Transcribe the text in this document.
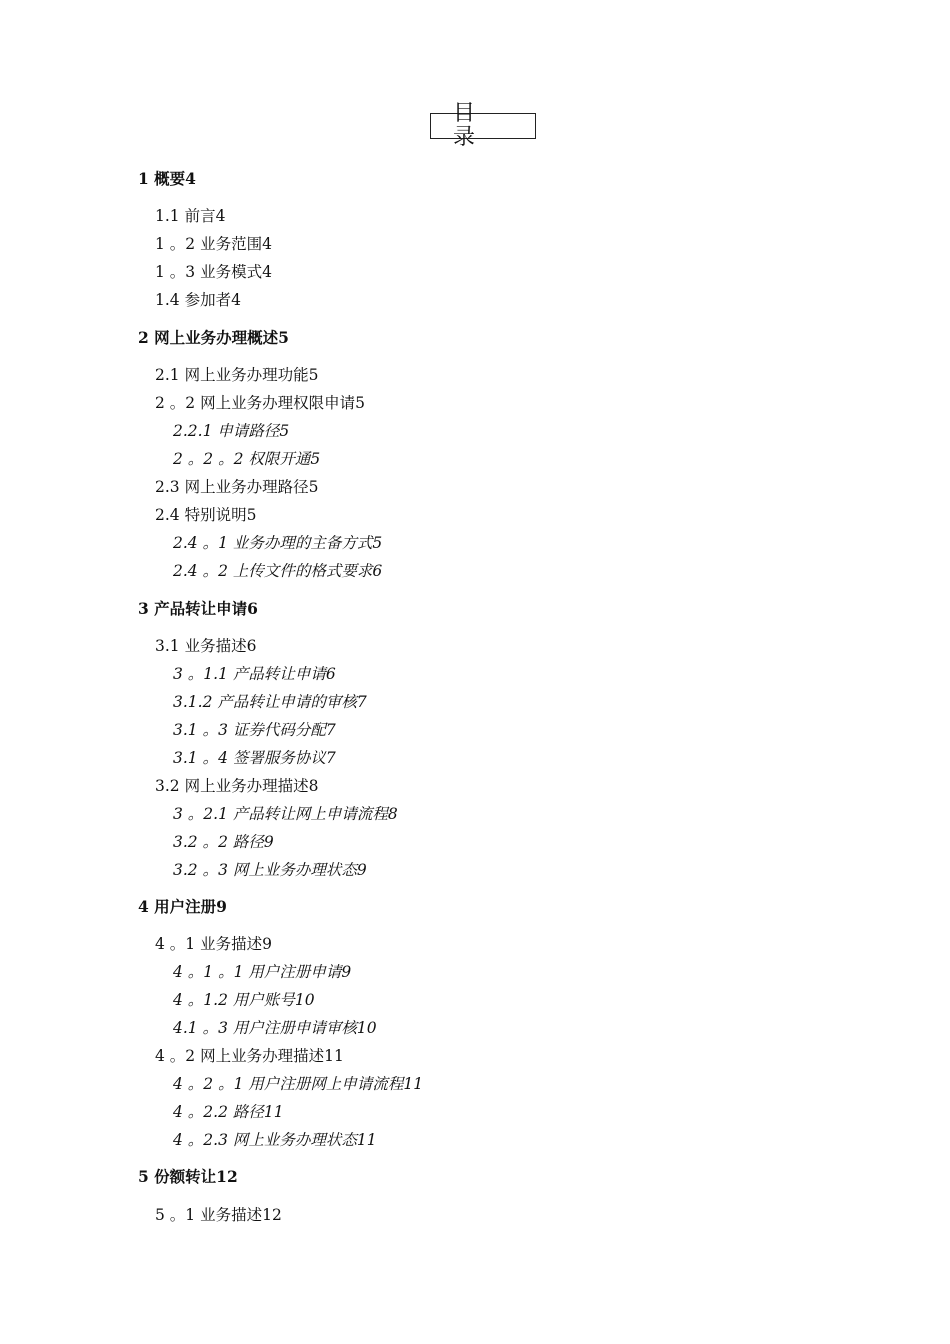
目 录
1 概要4
1.1 前言4
1 。2 业务范围4
1 。3 业务模式4
1.4 参加者4
2 网上业务办理概述5
2.1 网上业务办理功能5
2 。2 网上业务办理权限申请5
2.2.1 申请路径5
2 。2 。2 权限开通5
2.3 网上业务办理路径5
2.4 特别说明5
2.4 。1 业务办理的主备方式5
2.4 。2 上传文件的格式要求6
3 产品转让申请6
3.1 业务描述6
3 。1.1 产品转让申请6
3.1.2 产品转让申请的审核7
3.1 。3 证券代码分配7
3.1 。4 签署服务协议7
3.2 网上业务办理描述8
3 。2.1 产品转让网上申请流程8
3.2 。2 路径9
3.2 。3 网上业务办理状态9
4 用户注册9
4 。1 业务描述9
4 。1 。1 用户注册申请9
4 。1.2 用户账号10
4.1 。3 用户注册申请审核10
4 。2 网上业务办理描述11
4 。2 。1 用户注册网上申请流程11
4 。2.2 路径11
4 。2.3 网上业务办理状态11
5 份额转让12
5 。1 业务描述12
